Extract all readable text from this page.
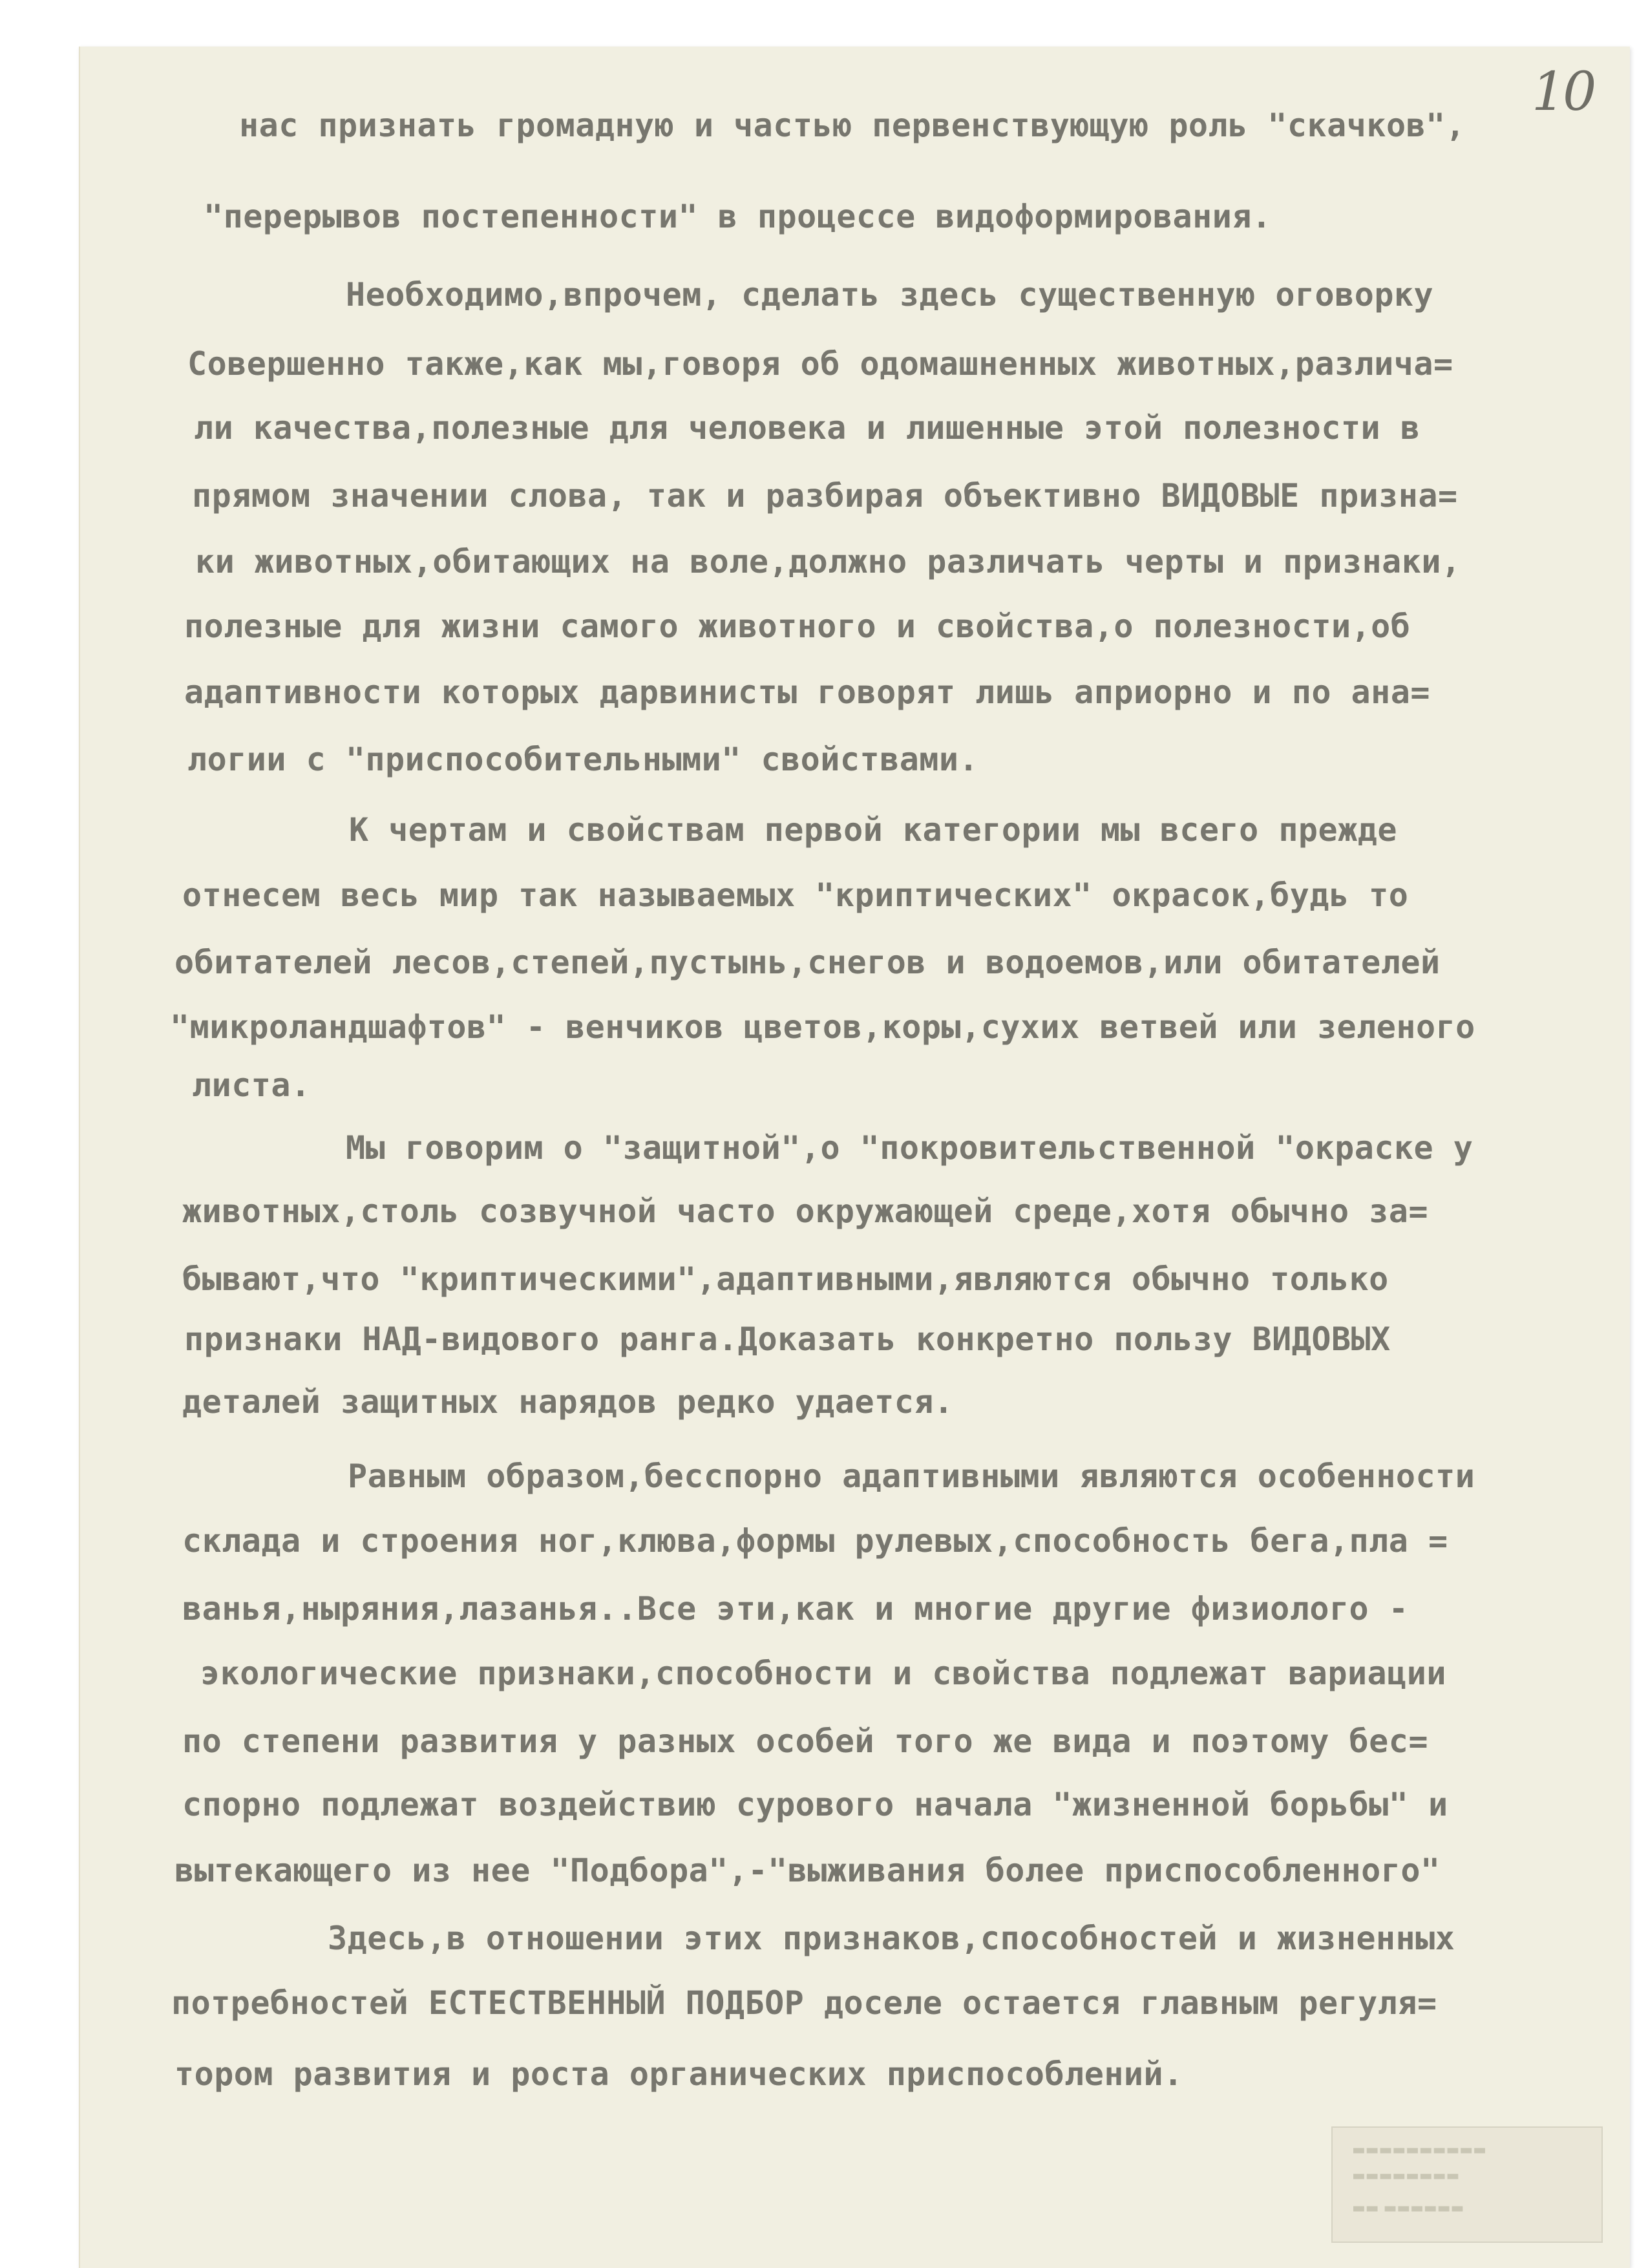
10
нас признать громадную и частью первенствующую роль "скачков",
"перерывов постепенности" в процессе видоформирования.
Необходимо,впрочем, сделать здесь существенную оговорку
Совершенно также,как мы,говоря об одомашненных животных,различа=
ли качества,полезные для человека и лишенные этой полезности в
прямом значении слова, так и разбирая объективно ВИДОВЫЕ призна=
ки животных,обитающих на воле,должно различать черты и признаки,
полезные для жизни самого животного и свойства,о полезности,об
адаптивности которых дарвинисты говорят лишь априорно и по ана=
логии с "приспособительными" свойствами.
К чертам и свойствам первой категории мы всего прежде
отнесем весь мир так называемых "криптических" окрасок,будь то
обитателей лесов,степей,пустынь,снегов и водоемов,или обитателей
"микроландшафтов" - венчиков цветов,коры,сухих ветвей или зеленого
листа.
Мы говорим о "защитной",о "покровительственной "окраске у
животных,столь созвучной часто окружающей среде,хотя обычно за=
бывают,что "криптическими",адаптивными,являются обычно только
признаки НАД-видового ранга.Доказать конкретно пользу ВИДОВЫХ
деталей защитных нарядов редко удается.
Равным образом,бесспорно адаптивными являются особенности
склада и строения ног,клюва,формы рулевых,способность бега,пла =
ванья,ныряния,лазанья..Все эти,как и многие другие физиолого -
экологические признаки,способности и свойства подлежат вариации
по степени развития у разных особей того же вида и поэтому бес=
спорно подлежат воздействию сурового начала "жизненной борьбы" и
вытекающего из нее "Подбора",-"выживания более приспособленного"
Здесь,в отношении этих признаков,способностей и жизненных
потребностей ЕСТЕСТВЕННЫЙ ПОДБОР доселе остается главным регуля=
тором развития и роста органических приспособлений.
▬▬▬▬▬▬▬▬▬▬
▬▬▬▬▬▬▬▬
▬▬ ▬▬▬▬▬▬
